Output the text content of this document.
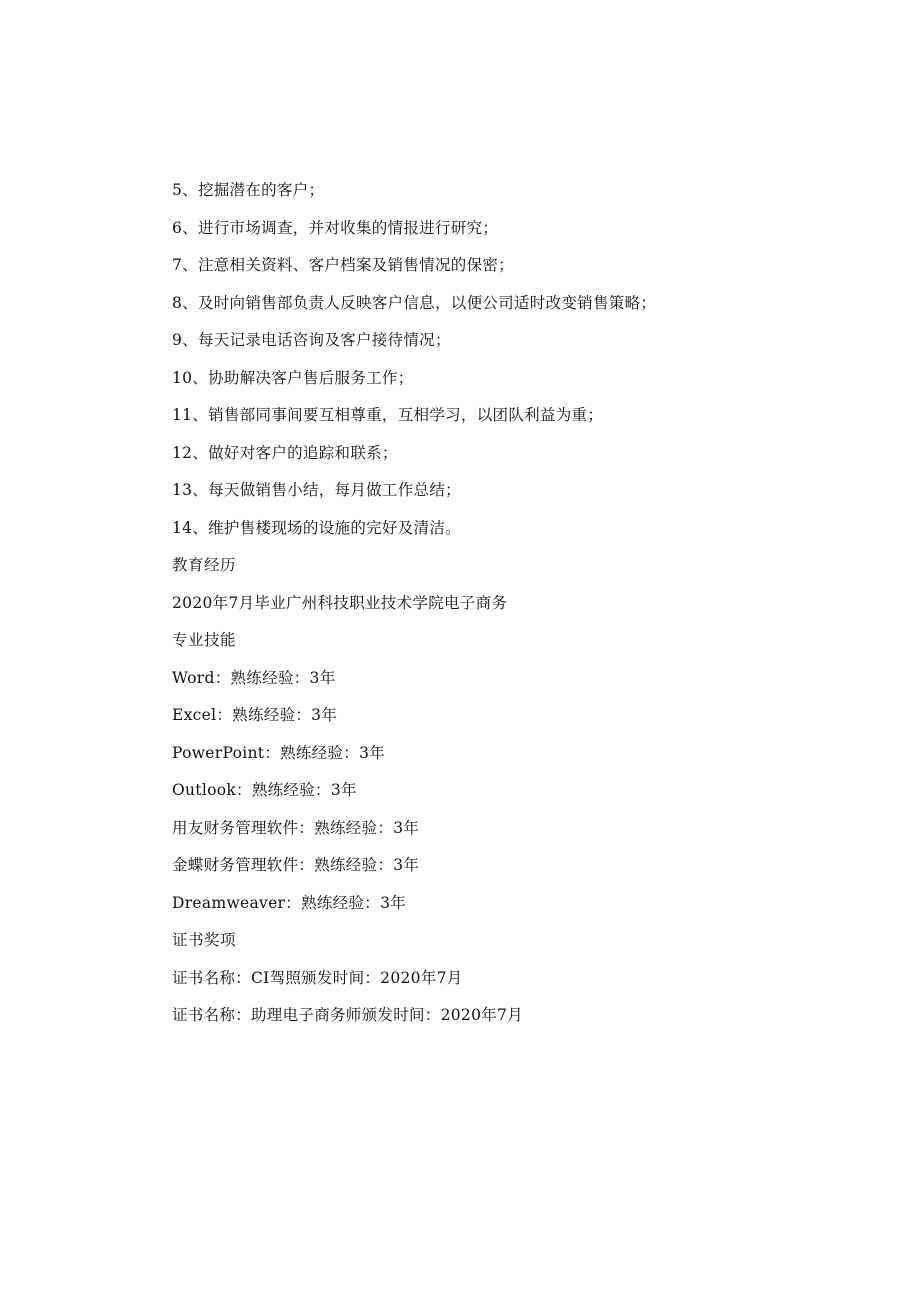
5、挖掘潜在的客户；
6、进行市场调查，并对收集的情报进行研究；
7、注意相关资料、客户档案及销售情况的保密；
8、及时向销售部负责人反映客户信息，以便公司适时改变销售策略；
9、每天记录电话咨询及客户接待情况；
10、协助解决客户售后服务工作；
11、销售部同事间要互相尊重，互相学习，以团队利益为重；
12、做好对客户的追踪和联系；
13、每天做销售小结，每月做工作总结；
14、维护售楼现场的设施的完好及清洁。
教育经历
2020年7月毕业广州科技职业技术学院电子商务
专业技能
Word：熟练经验：3年
Excel：熟练经验：3年
PowerPoint：熟练经验：3年
Outlook：熟练经验：3年
用友财务管理软件：熟练经验：3年
金蝶财务管理软件：熟练经验：3年
Dreamweaver：熟练经验：3年
证书奖项
证书名称：CI驾照颁发时间：2020年7月
证书名称：助理电子商务师颁发时间：2020年7月
